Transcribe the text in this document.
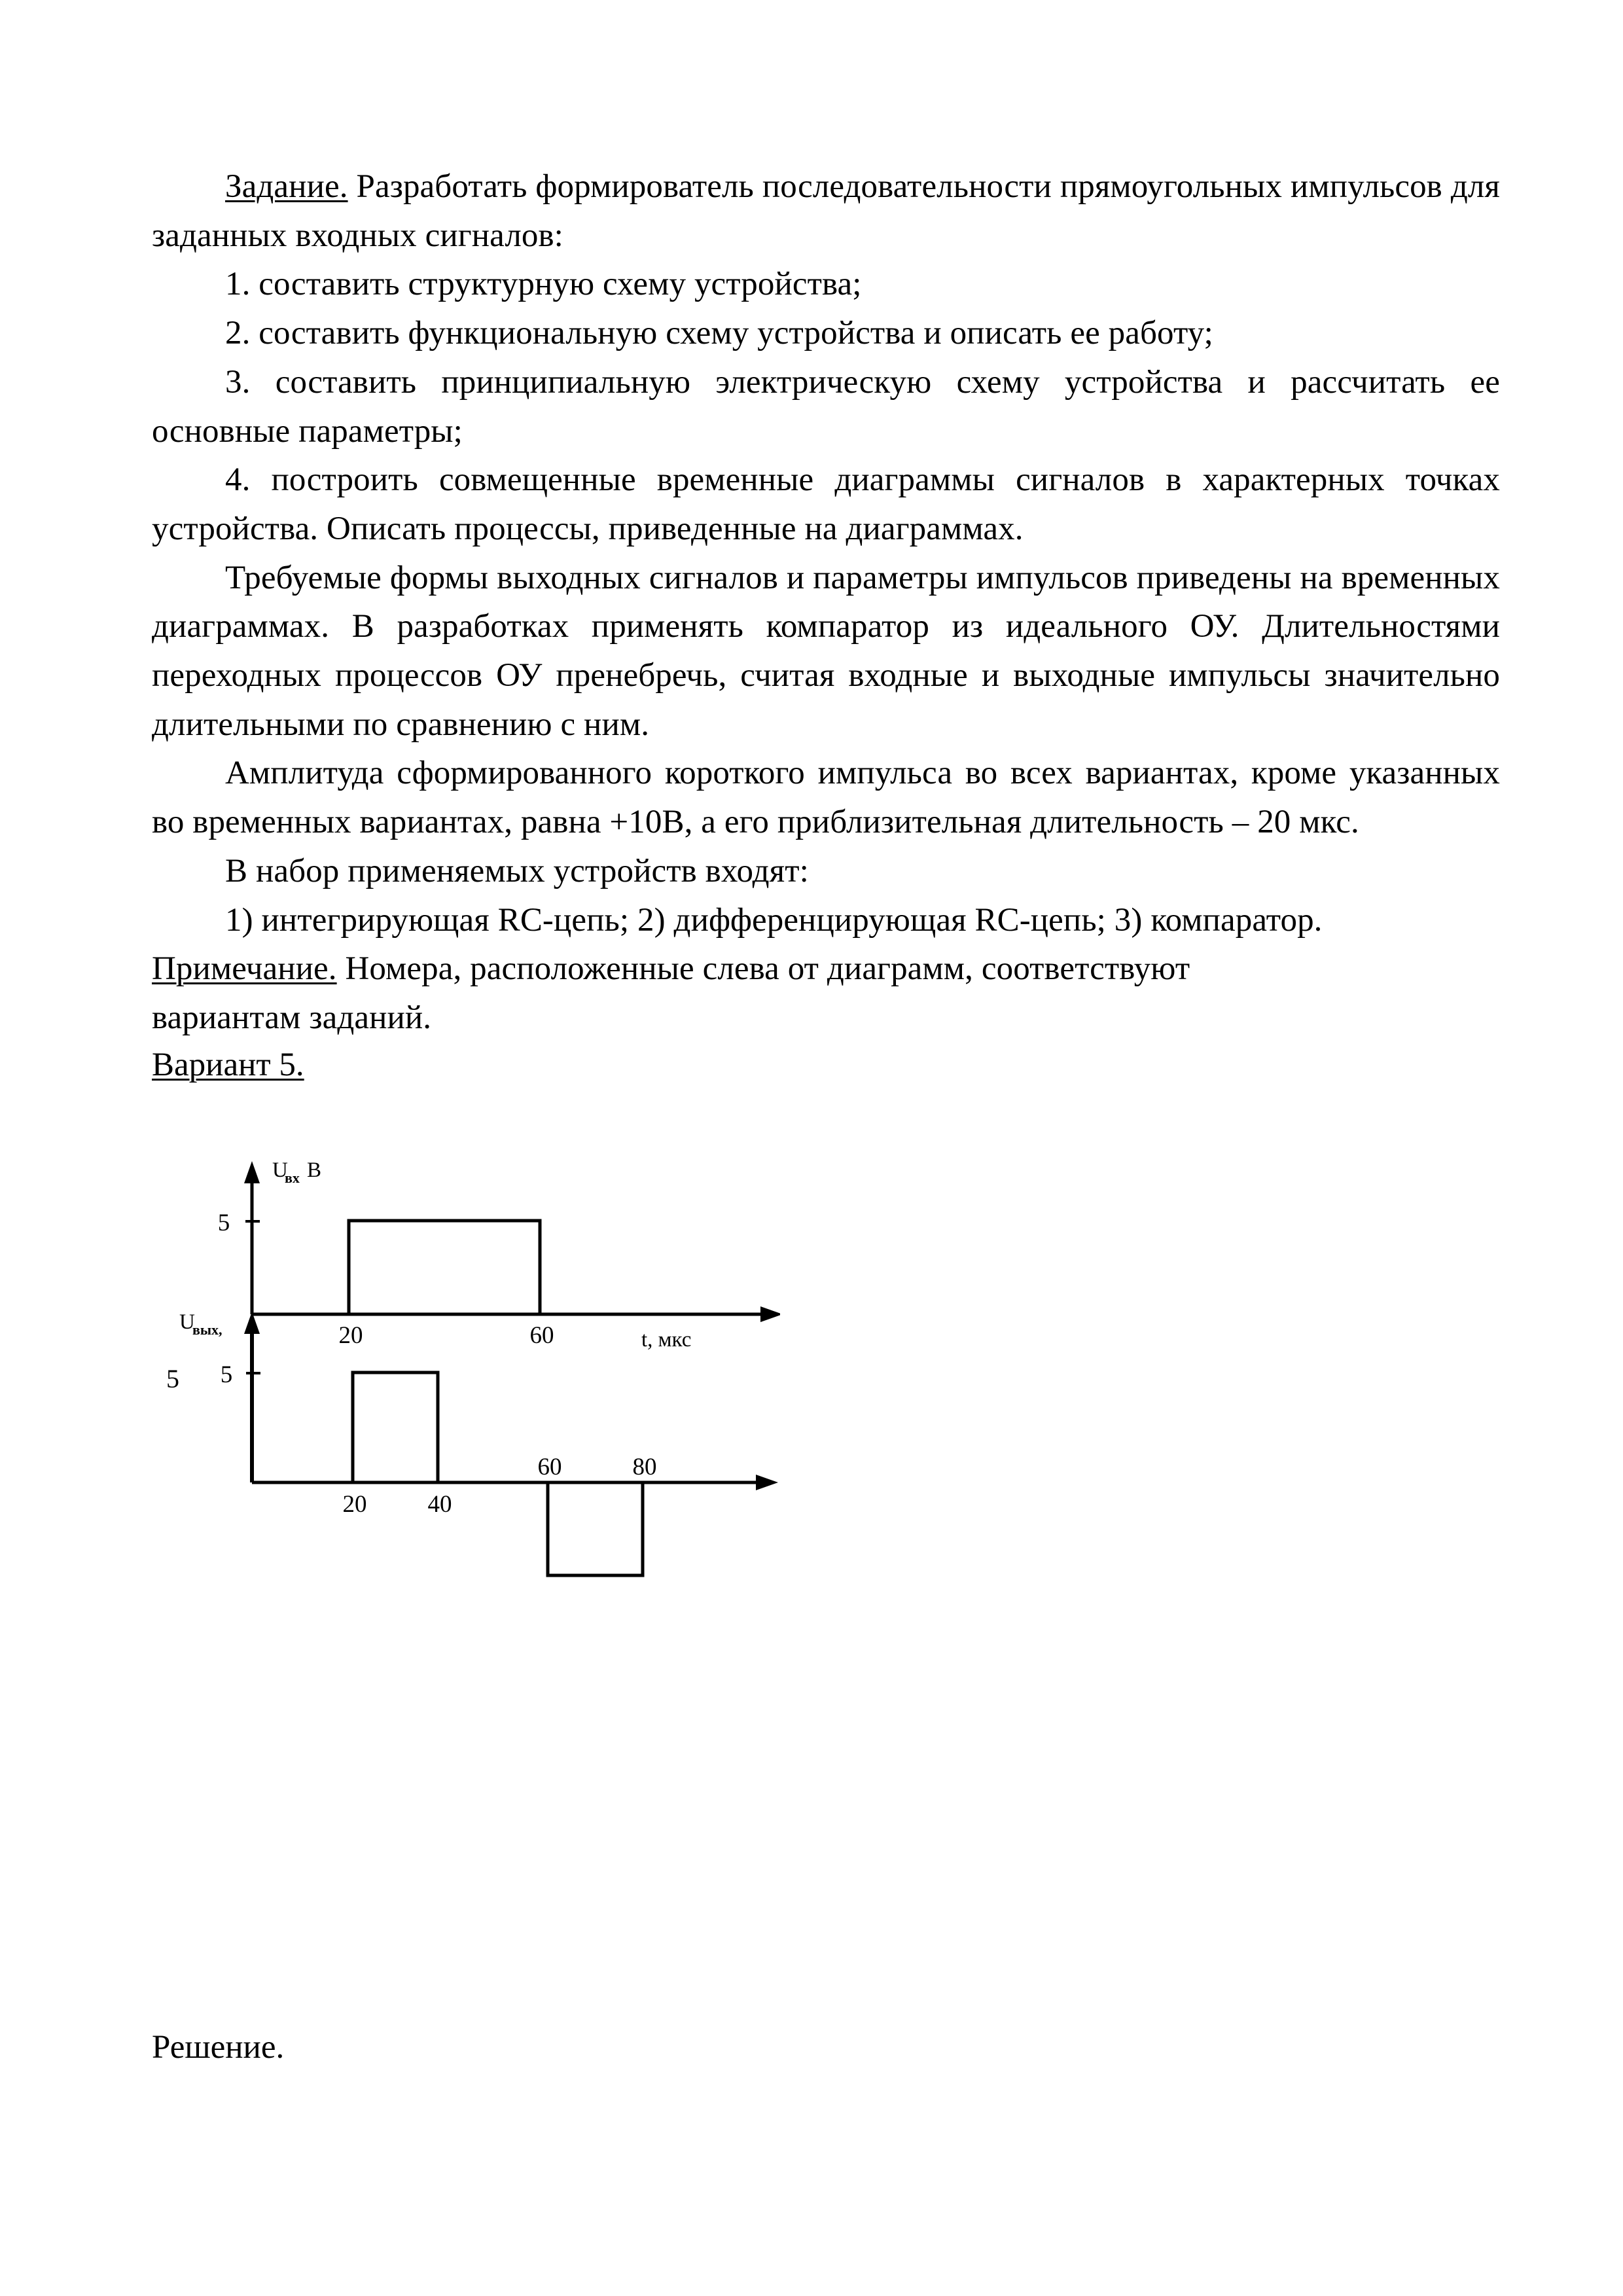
Задание. Разработать формирователь последовательности прямоугольных импульсов для заданных входных сигналов:

1. составить структурную схему устройства;

2. составить функциональную схему устройства и описать ее работу;

3. составить принципиальную электрическую схему устройства и рассчитать ее основные параметры;

4. построить совмещенные временные диаграммы сигналов в характерных точках устройства. Описать процессы, приведенные на диаграммах.

Требуемые формы выходных сигналов и параметры импульсов приведены на временных диаграммах. В разработках применять компаратор из идеального ОУ. Длительностями переходных процессов ОУ пренебречь, считая входные и выходные импульсы значительно длительными по сравнению с ним.

Амплитуда сформированного короткого импульса во всех вариантах, кроме указанных во временных вариантах, равна +10В, а его приблизительная длительность – 20 мкс.

В набор применяемых устройств входят:

1) интегрирующая RC-цепь; 2) дифференцирующая RC-цепь; 3) компаратор.

Примечание. Номера, расположенные слева от диаграмм, соответствуют

вариантам заданий.

Вариант 5.
U
вх В
5
20	60	t, мкс
5
U
вых,
5
20	40
60	80
Решение.
